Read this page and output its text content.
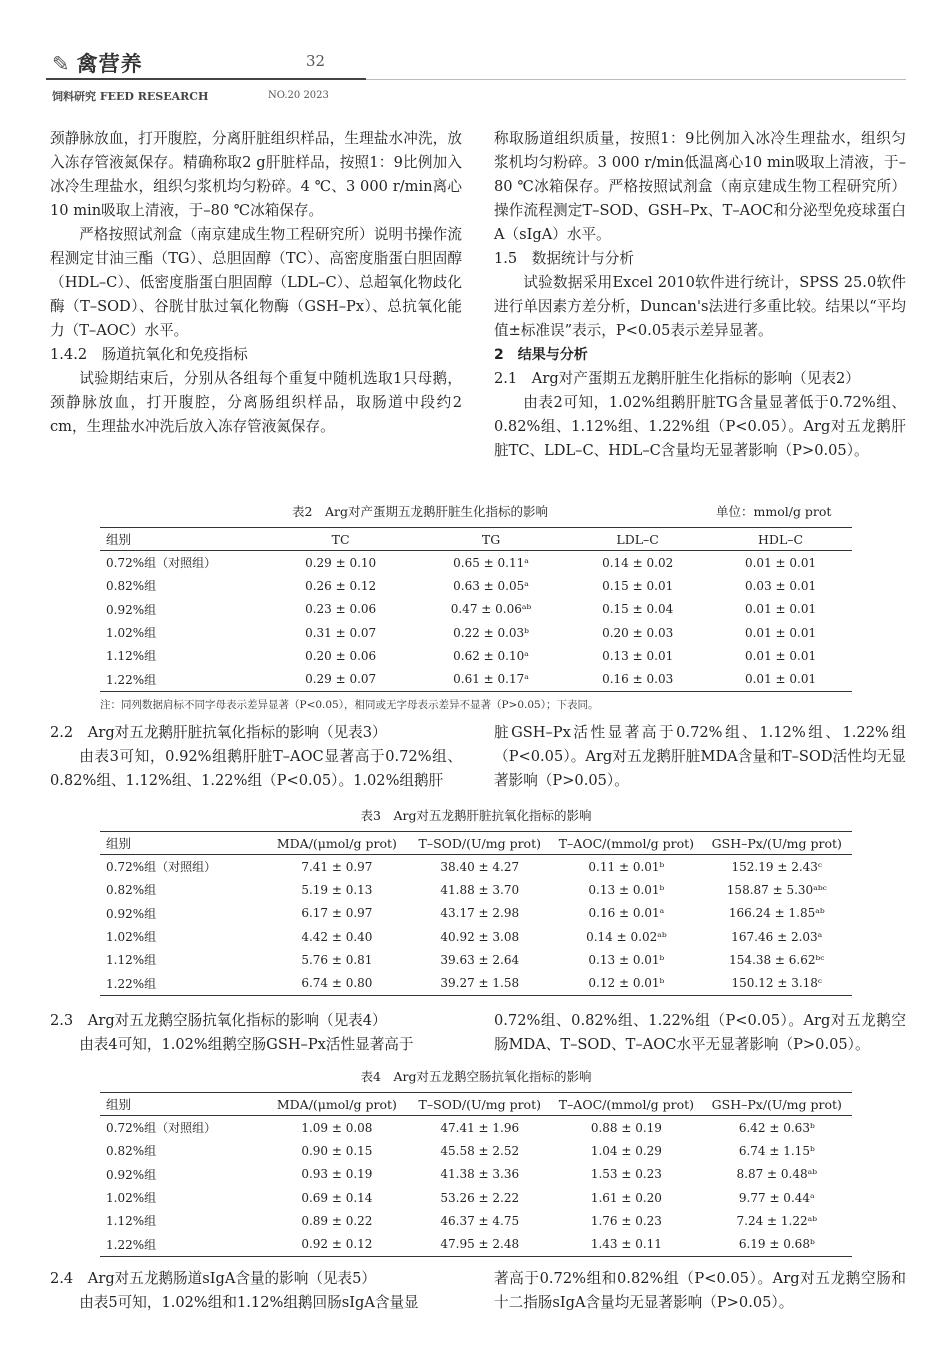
✎ 禽营养	32
饲料研究 FEED RESEARCH	NO.20 2023

颈静脉放血，打开腹腔，分离肝脏组织样品，生理盐水冲洗，放入冻存管液氮保存。精确称取2 g肝脏样品，按照1：9比例加入冰冷生理盐水，组织匀浆机均匀粉碎。4 ℃、3 000 r/min离心10 min吸取上清液，于–80 ℃冰箱保存。

严格按照试剂盒（南京建成生物工程研究所）说明书操作流程测定甘油三酯（TG）、总胆固醇（TC）、高密度脂蛋白胆固醇（HDL–C）、低密度脂蛋白胆固醇（LDL–C）、总超氧化物歧化酶（T–SOD）、谷胱甘肽过氧化物酶（GSH–Px）、总抗氧化能力（T–AOC）水平。

1.4.2　肠道抗氧化和免疫指标

试验期结束后，分别从各组每个重复中随机选取1只母鹅，颈静脉放血，打开腹腔，分离肠组织样品，取肠道中段约2 cm，生理盐水冲洗后放入冻存管液氮保存。

称取肠道组织质量，按照1：9比例加入冰冷生理盐水，组织匀浆机均匀粉碎。3 000 r/min低温离心10 min吸取上清液，于–80 ℃冰箱保存。严格按照试剂盒（南京建成生物工程研究所）操作流程测定T–SOD、GSH–Px、T–AOC和分泌型免疫球蛋白A（sIgA）水平。

1.5　数据统计与分析

试验数据采用Excel 2010软件进行统计，SPSS 25.0软件进行单因素方差分析，Duncan's法进行多重比较。结果以“平均值±标准误”表示，P<0.05表示差异显著。

2　结果与分析

2.1　Arg对产蛋期五龙鹅肝脏生化指标的影响（见表2）

由表2可知，1.02%组鹅肝脏TG含量显著低于0.72%组、0.82%组、1.12%组、1.22%组（P<0.05）。Arg对五龙鹅肝脏TC、LDL–C、HDL–C含量均无显著影响（P>0.05）。

表2　Arg对产蛋期五龙鹅肝脏生化指标的影响	单位：mmol/g prot
组别	TC	TG	LDL–C	HDL–C
0.72%组（对照组）	0.29 ± 0.10	0.65 ± 0.11ᵃ	0.14 ± 0.02	0.01 ± 0.01
0.82%组	0.26 ± 0.12	0.63 ± 0.05ᵃ	0.15 ± 0.01	0.03 ± 0.01
0.92%组	0.23 ± 0.06	0.47 ± 0.06ᵃᵇ	0.15 ± 0.04	0.01 ± 0.01
1.02%组	0.31 ± 0.07	0.22 ± 0.03ᵇ	0.20 ± 0.03	0.01 ± 0.01
1.12%组	0.20 ± 0.06	0.62 ± 0.10ᵃ	0.13 ± 0.01	0.01 ± 0.01
1.22%组	0.29 ± 0.07	0.61 ± 0.17ᵃ	0.16 ± 0.03	0.01 ± 0.01
注：同列数据肩标不同字母表示差异显著（P<0.05），相同或无字母表示差异不显著（P>0.05）；下表同。

2.2　Arg对五龙鹅肝脏抗氧化指标的影响（见表3）

由表3可知，0.92%组鹅肝脏T–AOC显著高于0.72%组、0.82%组、1.12%组、1.22%组（P<0.05）。1.02%组鹅肝

脏GSH–Px活性显著高于0.72%组、1.12%组、1.22%组（P<0.05）。Arg对五龙鹅肝脏MDA含量和T–SOD活性均无显著影响（P>0.05）。

表3　Arg对五龙鹅肝脏抗氧化指标的影响
组别	MDA/(μmol/g prot)	T–SOD/(U/mg prot)	T–AOC/(mmol/g prot)	GSH–Px/(U/mg prot)
0.72%组（对照组）	7.41 ± 0.97	38.40 ± 4.27	0.11 ± 0.01ᵇ	152.19 ± 2.43ᶜ
0.82%组	5.19 ± 0.13	41.88 ± 3.70	0.13 ± 0.01ᵇ	158.87 ± 5.30ᵃᵇᶜ
0.92%组	6.17 ± 0.97	43.17 ± 2.98	0.16 ± 0.01ᵃ	166.24 ± 1.85ᵃᵇ
1.02%组	4.42 ± 0.40	40.92 ± 3.08	0.14 ± 0.02ᵃᵇ	167.46 ± 2.03ᵃ
1.12%组	5.76 ± 0.81	39.63 ± 2.64	0.13 ± 0.01ᵇ	154.38 ± 6.62ᵇᶜ
1.22%组	6.74 ± 0.80	39.27 ± 1.58	0.12 ± 0.01ᵇ	150.12 ± 3.18ᶜ

2.3　Arg对五龙鹅空肠抗氧化指标的影响（见表4）

由表4可知，1.02%组鹅空肠GSH–Px活性显著高于

0.72%组、0.82%组、1.22%组（P<0.05）。Arg对五龙鹅空肠MDA、T–SOD、T–AOC水平无显著影响（P>0.05）。

表4　Arg对五龙鹅空肠抗氧化指标的影响
组别	MDA/(μmol/g prot)	T–SOD/(U/mg prot)	T–AOC/(mmol/g prot)	GSH–Px/(U/mg prot)
0.72%组（对照组）	1.09 ± 0.08	47.41 ± 1.96	0.88 ± 0.19	6.42 ± 0.63ᵇ
0.82%组	0.90 ± 0.15	45.58 ± 2.52	1.04 ± 0.29	6.74 ± 1.15ᵇ
0.92%组	0.93 ± 0.19	41.38 ± 3.36	1.53 ± 0.23	8.87 ± 0.48ᵃᵇ
1.02%组	0.69 ± 0.14	53.26 ± 2.22	1.61 ± 0.20	9.77 ± 0.44ᵃ
1.12%组	0.89 ± 0.22	46.37 ± 4.75	1.76 ± 0.23	7.24 ± 1.22ᵃᵇ
1.22%组	0.92 ± 0.12	47.95 ± 2.48	1.43 ± 0.11	6.19 ± 0.68ᵇ

2.4　Arg对五龙鹅肠道sIgA含量的影响（见表5）

由表5可知，1.02%组和1.12%组鹅回肠sIgA含量显

著高于0.72%组和0.82%组（P<0.05）。Arg对五龙鹅空肠和十二指肠sIgA含量均无显著影响（P>0.05）。
